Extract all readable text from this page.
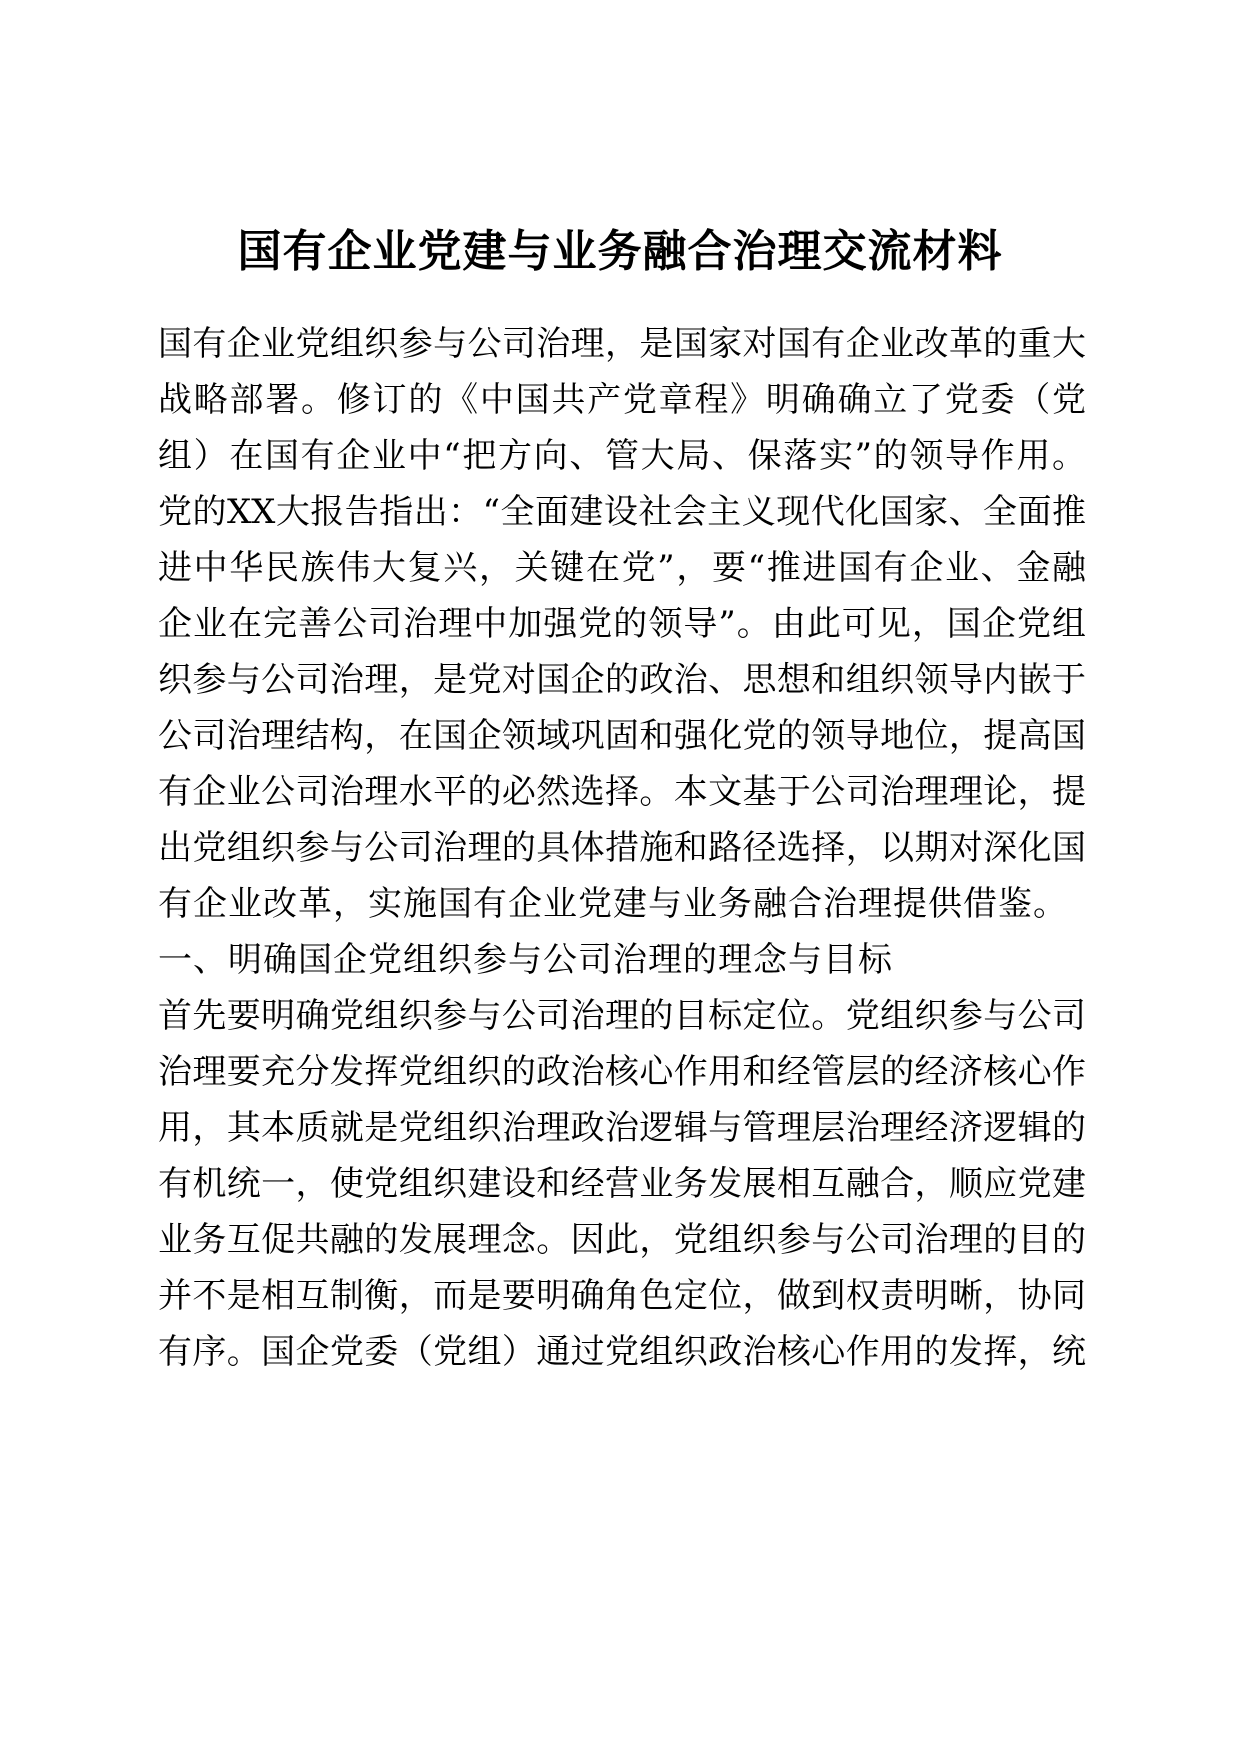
国有企业党建与业务融合治理交流材料

国有企业党组织参与公司治理，是国家对国有企业改革的重大

战略部署。修订的《中国共产党章程》明确确立了党委（党

组）在国有企业中“把方向、管大局、保落实”的领导作用。

党的XX大报告指出：“全面建设社会主义现代化国家、全面推

进中华民族伟大复兴，关键在党”，要“推进国有企业、金融

企业在完善公司治理中加强党的领导”。由此可见，国企党组

织参与公司治理，是党对国企的政治、思想和组织领导内嵌于

公司治理结构，在国企领域巩固和强化党的领导地位，提高国

有企业公司治理水平的必然选择。本文基于公司治理理论，提

出党组织参与公司治理的具体措施和路径选择，以期对深化国

有企业改革，实施国有企业党建与业务融合治理提供借鉴。

一、明确国企党组织参与公司治理的理念与目标

首先要明确党组织参与公司治理的目标定位。党组织参与公司

治理要充分发挥党组织的政治核心作用和经管层的经济核心作

用，其本质就是党组织治理政治逻辑与管理层治理经济逻辑的

有机统一，使党组织建设和经营业务发展相互融合，顺应党建

业务互促共融的发展理念。因此，党组织参与公司治理的目的

并不是相互制衡，而是要明确角色定位，做到权责明晰，协同

有序。国企党委（党组）通过党组织政治核心作用的发挥，统
